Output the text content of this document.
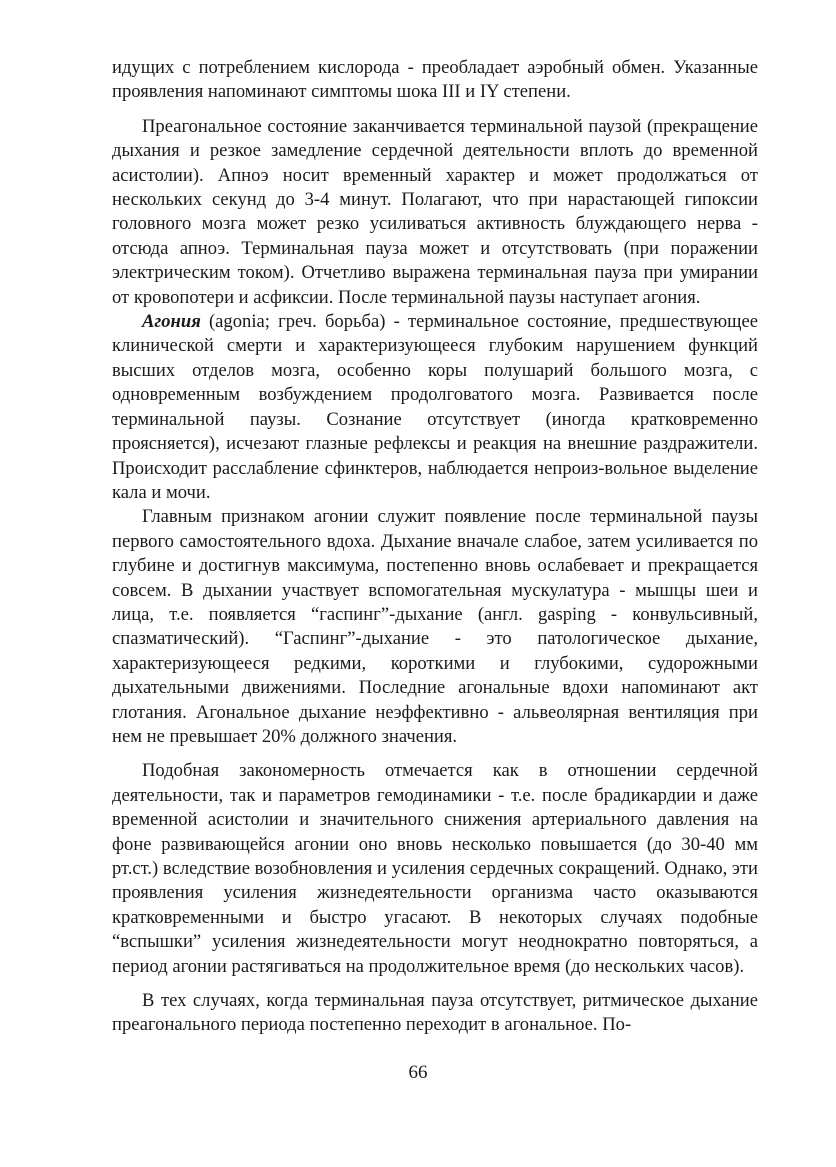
идущих с потреблением кислорода - преобладает аэробный обмен. Указанные проявления напоминают симптомы шока III и IY степени.

Преагональное состояние заканчивается терминальной паузой (прекращение дыхания и резкое замедление сердечной деятельности вплоть до временной асистолии). Апноэ носит временный характер и может продолжаться от нескольких секунд до 3-4 минут. Полагают, что при нарастающей гипоксии головного мозга может резко усиливаться активность блуждающего нерва - отсюда апноэ. Терминальная пауза может и отсутствовать (при поражении электрическим током). Отчетливо выражена терминальная пауза при умирании от кровопотери и асфиксии. После терминальной паузы наступает агония.

Агония (agonia; греч. борьба) - терминальное состояние, предшествующее клинической смерти и характеризующееся глубоким нарушением функций высших отделов мозга, особенно коры полушарий большого мозга, с одновременным возбуждением продолговатого мозга. Развивается после терминальной паузы. Сознание отсутствует (иногда кратковременно проясняется), исчезают глазные рефлексы и реакция на внешние раздражители. Происходит расслабление сфинктеров, наблюдается непроиз-вольное выделение кала и мочи.

Главным признаком агонии служит появление после терминальной паузы первого самостоятельного вдоха. Дыхание вначале слабое, затем усиливается по глубине и достигнув максимума, постепенно вновь ослабевает и прекращается совсем. В дыхании участвует вспомогательная мускулатура - мышцы шеи и лица, т.е. появляется “гаспинг”-дыхание (англ. gasping - конвульсивный, спазматический). “Гаспинг”-дыхание - это патологическое дыхание, характеризующееся редкими, короткими и глубокими, судорожными дыхательными движениями. Последние агональные вдохи напоминают акт глотания. Агональное дыхание неэффективно - альвеолярная вентиляция при нем не превышает 20% должного значения.

Подобная закономерность отмечается как в отношении сердечной деятельности, так и параметров гемодинамики - т.е. после брадикардии и даже временной асистолии и значительного снижения артериального давления на фоне развивающейся агонии оно вновь несколько повышается (до 30-40 мм рт.ст.) вследствие возобновления и усиления сердечных сокращений. Однако, эти проявления усиления жизнедеятельности организма часто оказываются кратковременными и быстро угасают. В некоторых случаях подобные “вспышки” усиления жизнедеятельности могут неоднократно повторяться, а период агонии растягиваться на продолжительное время (до нескольких часов).

В тех случаях, когда терминальная пауза отсутствует, ритмическое дыхание преагонального периода постепенно переходит в агональное. По-

66
